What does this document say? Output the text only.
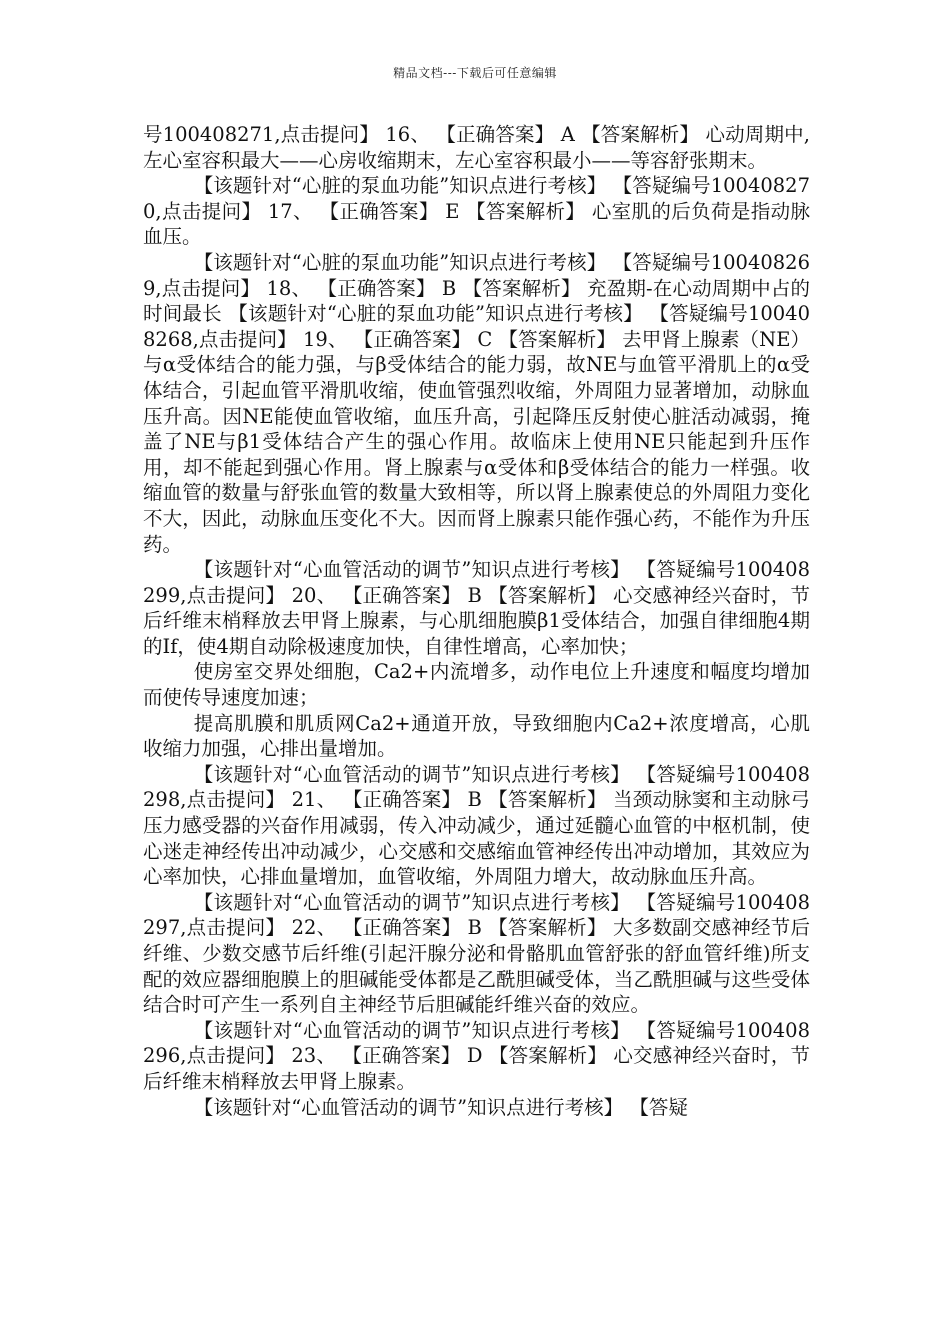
精品文档---下载后可任意编辑

号100408271,点击提问】 16、 【正确答案】 A 【答案解析】 心动周期中,左心室容积最大——心房收缩期末，左心室容积最小——等容舒张期末。

【该题针对“心脏的泵血功能”知识点进行考核】 【答疑编号100408270,点击提问】 17、 【正确答案】 E 【答案解析】 心室肌的后负荷是指动脉血压。

【该题针对“心脏的泵血功能”知识点进行考核】 【答疑编号100408269,点击提问】 18、 【正确答案】 B 【答案解析】 充盈期-在心动周期中占的时间最长 【该题针对“心脏的泵血功能”知识点进行考核】 【答疑编号100408268,点击提问】 19、 【正确答案】 C 【答案解析】 去甲肾上腺素（NE）与α受体结合的能力强，与β受体结合的能力弱，故NE与血管平滑肌上的α受体结合，引起血管平滑肌收缩，使血管强烈收缩，外周阻力显著增加，动脉血压升高。因NE能使血管收缩，血压升高，引起降压反射使心脏活动减弱，掩盖了NE与β1受体结合产生的强心作用。故临床上使用NE只能起到升压作用，却不能起到强心作用。肾上腺素与α受体和β受体结合的能力一样强。收缩血管的数量与舒张血管的数量大致相等，所以肾上腺素使总的外周阻力变化不大，因此，动脉血压变化不大。因而肾上腺素只能作强心药，不能作为升压药。

【该题针对“心血管活动的调节”知识点进行考核】 【答疑编号100408299,点击提问】 20、 【正确答案】 B 【答案解析】 心交感神经兴奋时，节后纤维末梢释放去甲肾上腺素，与心肌细胞膜β1受体结合，加强自律细胞4期的Ⅰf，使4期自动除极速度加快，自律性增高，心率加快；

使房室交界处细胞，Ca2+内流增多，动作电位上升速度和幅度均增加而使传导速度加速；

提高肌膜和肌质网Ca2+通道开放，导致细胞内Ca2+浓度增高，心肌收缩力加强，心排出量增加。

【该题针对“心血管活动的调节”知识点进行考核】 【答疑编号100408298,点击提问】 21、 【正确答案】 B 【答案解析】 当颈动脉窦和主动脉弓压力感受器的兴奋作用减弱，传入冲动减少，通过延髓心血管的中枢机制，使心迷走神经传出冲动减少，心交感和交感缩血管神经传出冲动增加，其效应为心率加快，心排血量增加，血管收缩，外周阻力增大，故动脉血压升高。

【该题针对“心血管活动的调节”知识点进行考核】 【答疑编号100408297,点击提问】 22、 【正确答案】 B 【答案解析】 大多数副交感神经节后纤维、少数交感节后纤维(引起汗腺分泌和骨骼肌血管舒张的舒血管纤维)所支配的效应器细胞膜上的胆碱能受体都是乙酰胆碱受体，当乙酰胆碱与这些受体结合时可产生一系列自主神经节后胆碱能纤维兴奋的效应。

【该题针对“心血管活动的调节”知识点进行考核】 【答疑编号100408296,点击提问】 23、 【正确答案】 D 【答案解析】 心交感神经兴奋时，节后纤维末梢释放去甲肾上腺素。

【该题针对“心血管活动的调节”知识点进行考核】 【答疑
